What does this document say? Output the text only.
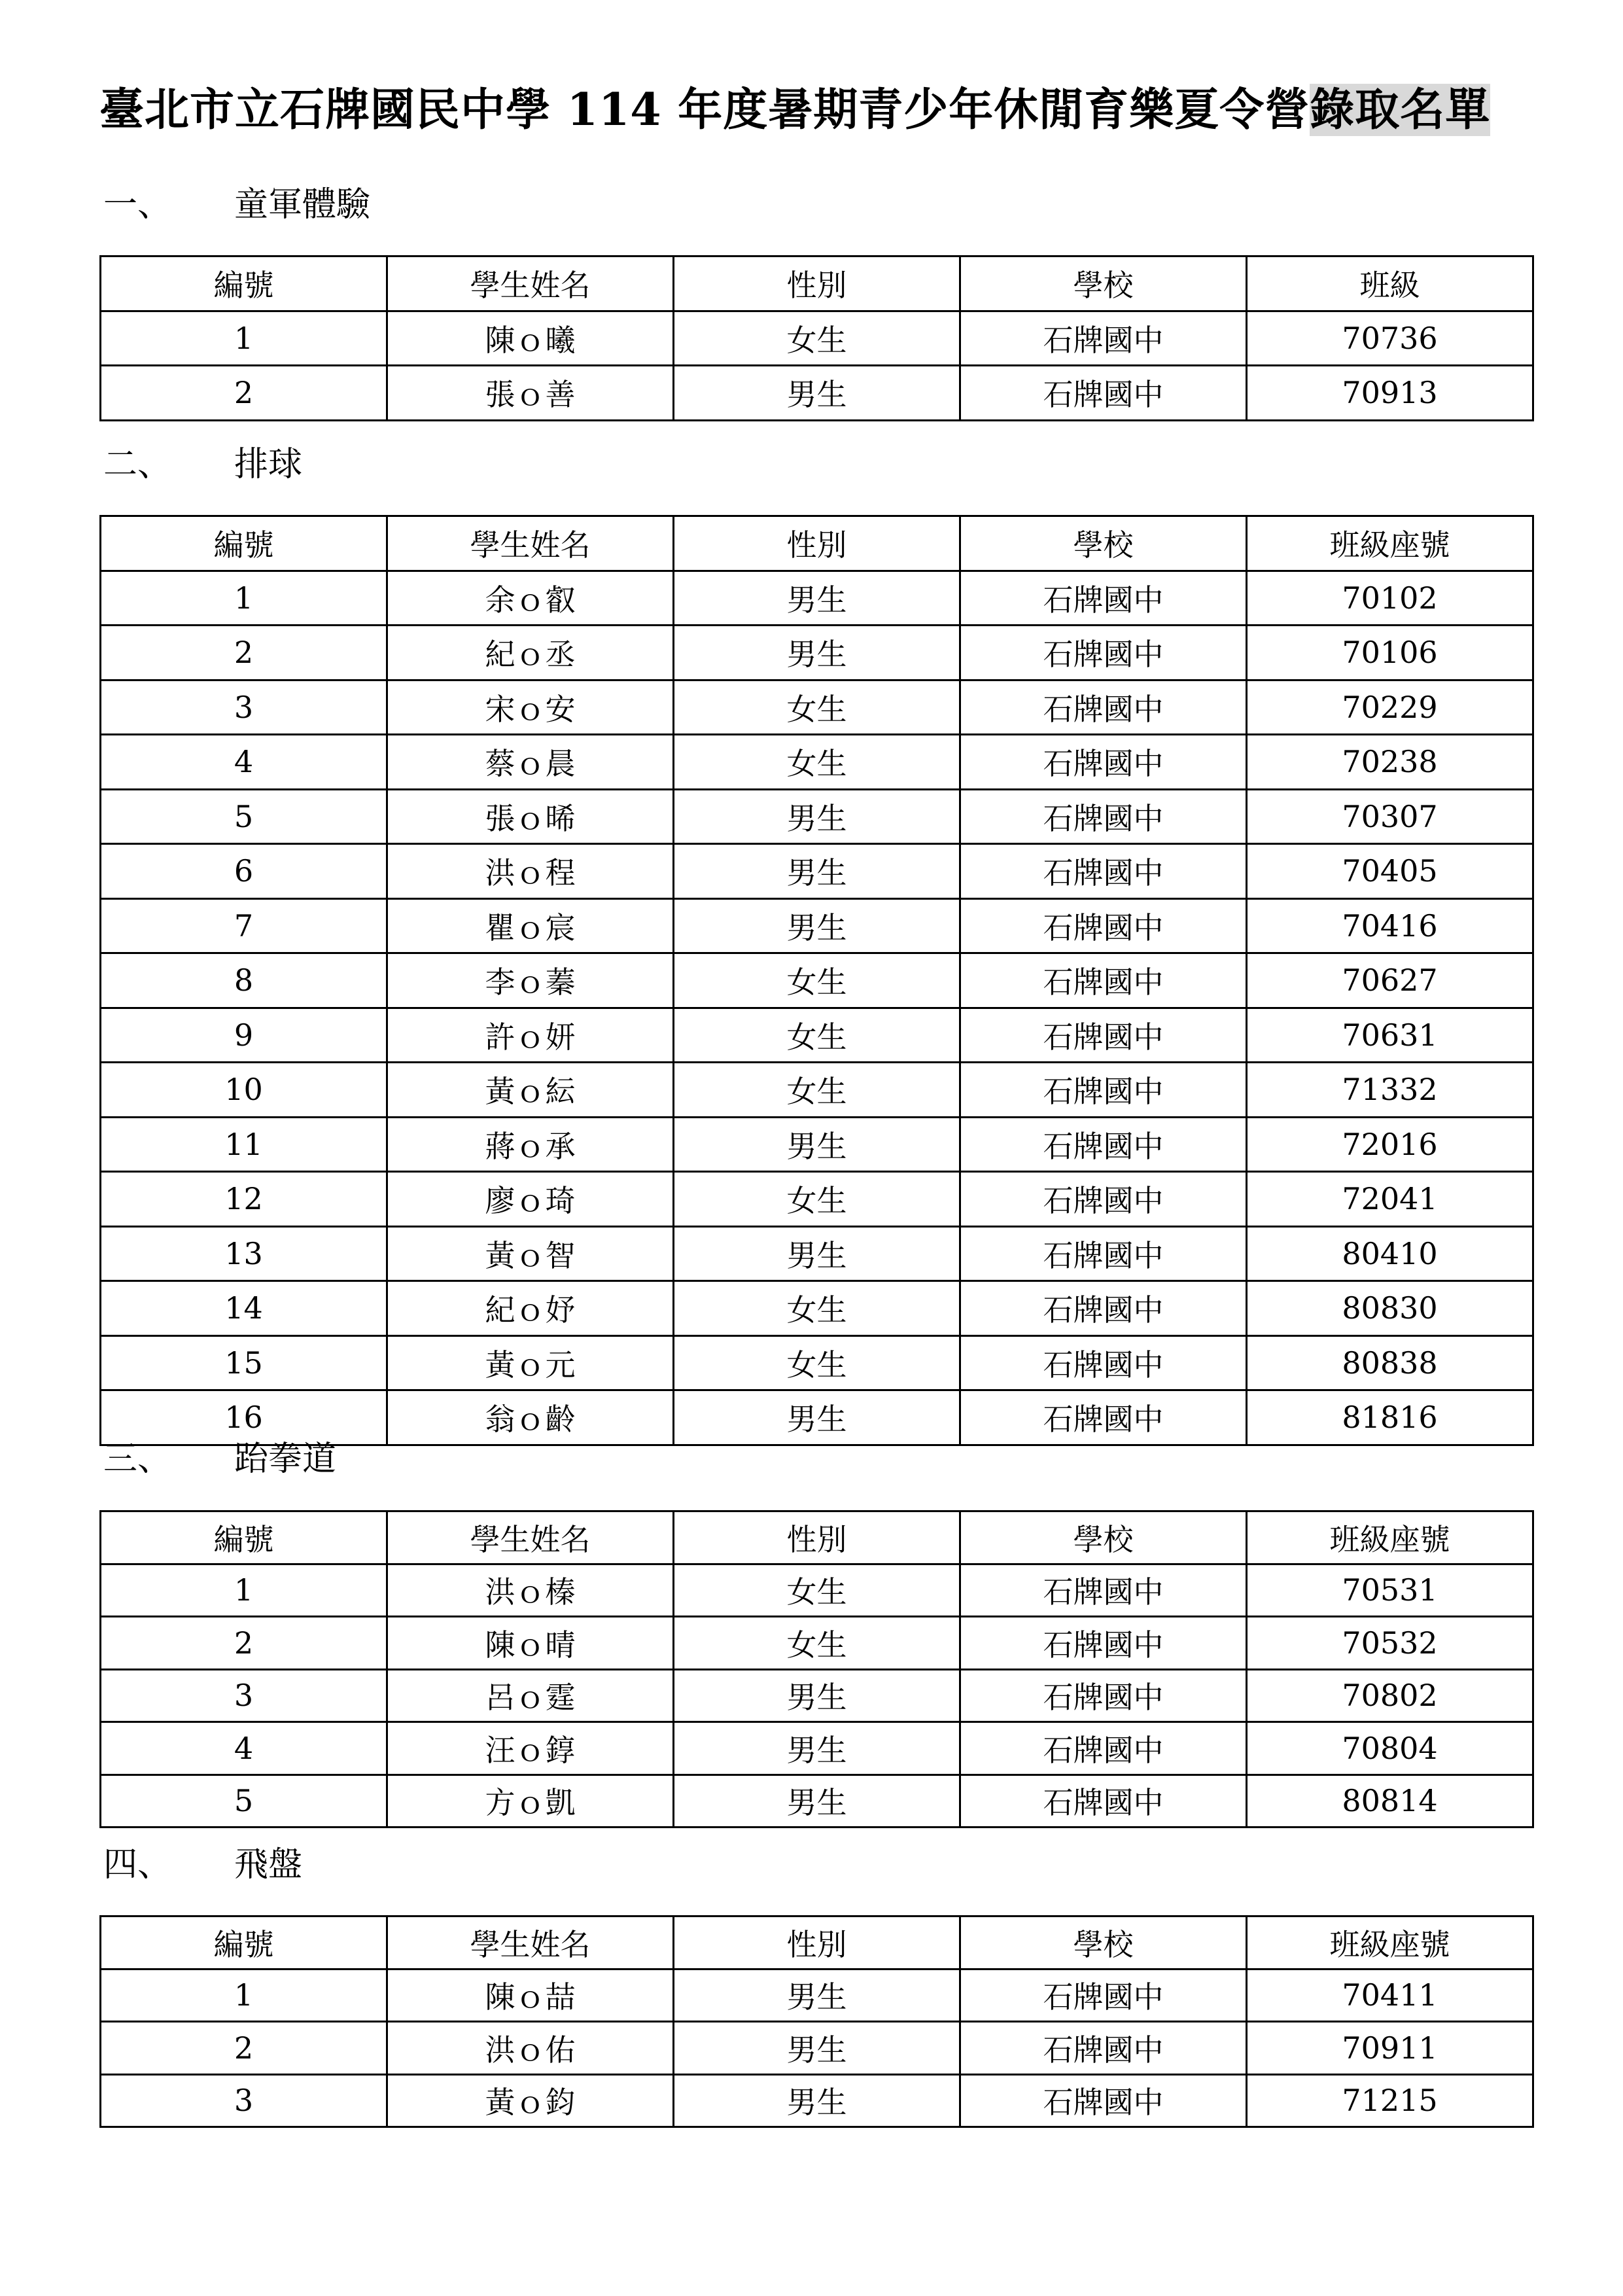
臺北市立石牌國民中學 114 年度暑期青少年休閒育樂夏令營錄取名單
一、 童軍體驗
編號	學生姓名	性別	學校	班級
1	陳ｏ曦	女生	石牌國中	70736
2	張ｏ善	男生	石牌國中	70913
二、 排球
編號	學生姓名	性別	學校	班級座號
1	余ｏ叡	男生	石牌國中	70102
2	紀ｏ丞	男生	石牌國中	70106
3	宋ｏ安	女生	石牌國中	70229
4	蔡ｏ晨	女生	石牌國中	70238
5	張ｏ晞	男生	石牌國中	70307
6	洪ｏ程	男生	石牌國中	70405
7	瞿ｏ宸	男生	石牌國中	70416
8	李ｏ蓁	女生	石牌國中	70627
9	許ｏ妍	女生	石牌國中	70631
10	黃ｏ紜	女生	石牌國中	71332
11	蔣ｏ承	男生	石牌國中	72016
12	廖ｏ琦	女生	石牌國中	72041
13	黃ｏ智	男生	石牌國中	80410
14	紀ｏ妤	女生	石牌國中	80830
15	黃ｏ元	女生	石牌國中	80838
16	翁ｏ齡	男生	石牌國中	81816
三、 跆拳道
編號	學生姓名	性別	學校	班級座號
1	洪ｏ榛	女生	石牌國中	70531
2	陳ｏ晴	女生	石牌國中	70532
3	呂ｏ霆	男生	石牌國中	70802
4	汪ｏ錞	男生	石牌國中	70804
5	方ｏ凱	男生	石牌國中	80814
四、 飛盤
編號	學生姓名	性別	學校	班級座號
1	陳ｏ喆	男生	石牌國中	70411
2	洪ｏ佑	男生	石牌國中	70911
3	黃ｏ鈞	男生	石牌國中	71215
